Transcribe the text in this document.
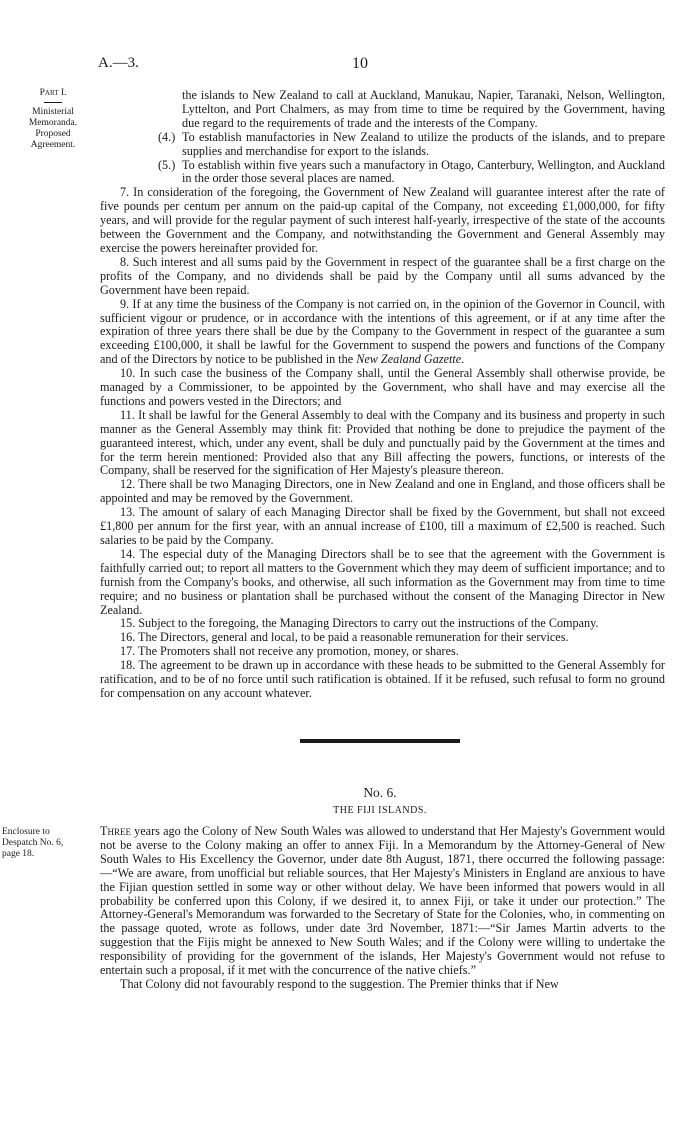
A.—3.	10
Part I.
Ministerial
Memoranda.
Proposed
Agreement.

the islands to New Zealand to call at Auckland, Manukau, Napier, Taranaki, Nelson, Wellington, Lyttelton, and Port Chalmers, as may from time to time be required by the Government, having due regard to the requirements of trade and the interests of the Company.

(4.) To establish manufactories in New Zealand to utilize the products of the islands, and to prepare supplies and merchandise for export to the islands.

(5.) To establish within five years such a manufactory in Otago, Canterbury, Wellington, and Auckland in the order those several places are named.

7. In consideration of the foregoing, the Government of New Zealand will guarantee interest after the rate of five pounds per centum per annum on the paid-up capital of the Company, not exceeding £1,000,000, for fifty years, and will provide for the regular payment of such interest half-yearly, irrespective of the state of the accounts between the Government and the Company, and notwithstanding the Government and General Assembly may exercise the powers hereinafter provided for.

8. Such interest and all sums paid by the Government in respect of the guarantee shall be a first charge on the profits of the Company, and no dividends shall be paid by the Company until all sums advanced by the Government have been repaid.

9. If at any time the business of the Company is not carried on, in the opinion of the Governor in Council, with sufficient vigour or prudence, or in accordance with the intentions of this agreement, or if at any time after the expiration of three years there shall be due by the Company to the Government in respect of the guarantee a sum exceeding £100,000, it shall be lawful for the Government to suspend the powers and functions of the Company and of the Directors by notice to be published in the New Zealand Gazette.

10. In such case the business of the Company shall, until the General Assembly shall otherwise provide, be managed by a Commissioner, to be appointed by the Government, who shall have and may exercise all the functions and powers vested in the Directors; and

11. It shall be lawful for the General Assembly to deal with the Company and its business and property in such manner as the General Assembly may think fit: Provided that nothing be done to prejudice the payment of the guaranteed interest, which, under any event, shall be duly and punctually paid by the Government at the times and for the term herein mentioned: Provided also that any Bill affecting the powers, functions, or interests of the Company, shall be reserved for the signification of Her Majesty's pleasure thereon.

12. There shall be two Managing Directors, one in New Zealand and one in England, and those officers shall be appointed and may be removed by the Government.

13. The amount of salary of each Managing Director shall be fixed by the Government, but shall not exceed £1,800 per annum for the first year, with an annual increase of £100, till a maximum of £2,500 is reached. Such salaries to be paid by the Company.

14. The especial duty of the Managing Directors shall be to see that the agreement with the Government is faithfully carried out; to report all matters to the Government which they may deem of sufficient importance; and to furnish from the Company's books, and otherwise, all such information as the Government may from time to time require; and no business or plantation shall be purchased without the consent of the Managing Director in New Zealand.

15. Subject to the foregoing, the Managing Directors to carry out the instructions of the Company.

16. The Directors, general and local, to be paid a reasonable remuneration for their services.

17. The Promoters shall not receive any promotion, money, or shares.

18. The agreement to be drawn up in accordance with these heads to be submitted to the General Assembly for ratification, and to be of no force until such ratification is obtained. If it be refused, such refusal to form no ground for compensation on any account whatever.

No. 6.
THE FIJI ISLANDS.
Enclosure to
Despatch No. 6,
page 18.

Three years ago the Colony of New South Wales was allowed to understand that Her Majesty's Government would not be averse to the Colony making an offer to annex Fiji. In a Memorandum by the Attorney-General of New South Wales to His Excellency the Governor, under date 8th August, 1871, there occurred the following passage:—“We are aware, from unofficial but reliable sources, that Her Majesty's Ministers in England are anxious to have the Fijian question settled in some way or other without delay. We have been informed that powers would in all probability be conferred upon this Colony, if we desired it, to annex Fiji, or take it under our protection.” The Attorney-General's Memorandum was forwarded to the Secretary of State for the Colonies, who, in commenting on the passage quoted, wrote as follows, under date 3rd November, 1871:—“Sir James Martin adverts to the suggestion that the Fijis might be annexed to New South Wales; and if the Colony were willing to undertake the responsibility of providing for the government of the islands, Her Majesty's Government would not refuse to entertain such a proposal, if it met with the concurrence of the native chiefs.”

That Colony did not favourably respond to the suggestion. The Premier thinks that if New
